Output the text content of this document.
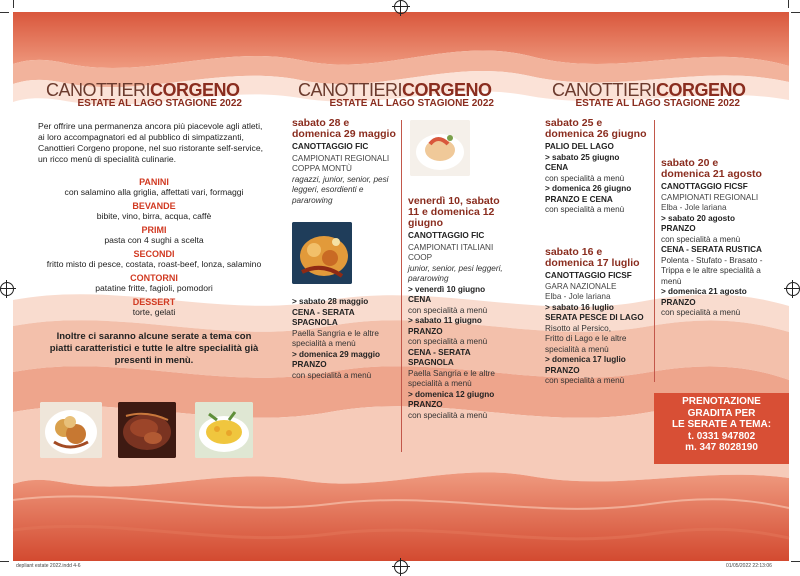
CANOTTIERICORGENO
ESTATE AL LAGO STAGIONE 2022
Per offrire una permanenza ancora più piacevole agli atleti, ai loro accompagnatori ed al pubblico di simpatizzanti, Canottieri Corgeno propone, nel suo ristorante self-service, un ricco menù di specialità culinarie.
PANINI
con salamino alla griglia, affettati vari, formaggi
BEVANDE
bibite, vino, birra, acqua, caffè
PRIMI
pasta con 4 sughi a scelta
SECONDI
fritto misto di pesce, costata, roast-beef, lonza, salamino
CONTORNI
patatine fritte, fagioli, pomodori
DESSERT
torte, gelati
Inoltre ci saranno alcune serate a tema con piatti caratteristici e tutte le altre specialità già presenti in menù.
CANOTTIERICORGENO
ESTATE AL LAGO STAGIONE 2022
sabato 28 e domenica 29 maggio
CANOTTAGGIO FIC
CAMPIONATI REGIONALI COPPA MONTÙ
ragazzi, junior, senior, pesi leggeri, esordienti e pararowing
> sabato 28 maggio
CENA - SERATA SPAGNOLA
Paella Sangria e le altre specialità a menù
> domenica 29 maggio
PRANZO
con specialità a menù
venerdì 10, sabato 11 e domenica 12 giugno
CANOTTAGGIO FIC
CAMPIONATI ITALIANI COOP
junior, senior, pesi leggeri, pararowing
> venerdì 10 giugno
CENA
con specialità a menù
> sabato 11 giugno
PRANZO
con specialità a menù
CENA - SERATA SPAGNOLA
Paella Sangria e le altre specialità a menù
> domenica 12 giugno
PRANZO
con specialità a menù
CANOTTIERICORGENO
ESTATE AL LAGO STAGIONE 2022
sabato 25 e domenica 26 giugno
PALIO DEL LAGO
> sabato 25 giugno
CENA
con specialità a menù
> domenica 26 giugno
PRANZO E CENA
con specialità a menù
sabato 16 e domenica 17 luglio
CANOTTAGGIO FICSF
GARA NAZIONALE
Elba - Jole lariana
> sabato 16 luglio
SERATA PESCE DI LAGO
Risotto al Persico,
Fritto di Lago e le altre specialità a menù
> domenica 17 luglio
PRANZO
con specialità a menù
sabato 20 e domenica 21 agosto
CANOTTAGGIO FICSF
CAMPIONATI REGIONALI
Elba - Jole lariana
> sabato 20 agosto
PRANZO
con specialità a menù
CENA - SERATA RUSTICA
Polenta - Stufato - Brasato - Trippa e le altre specialità a menù
> domenica 21 agosto
PRANZO
con specialità a menù
PRENOTAZIONE
GRADITA PER
LE SERATE A TEMA:
t. 0331 947802
m. 347 8028190
depliant estate 2022.indd 4-6	01/05/2022 22:13:06
